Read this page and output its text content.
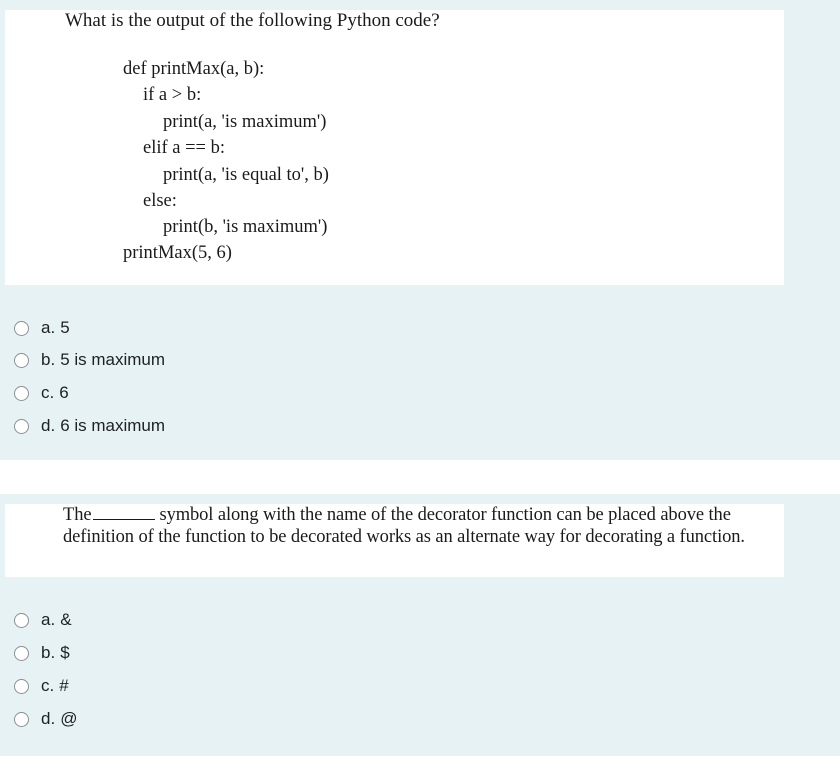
What is the output of the following Python code?
def printMax(a, b):
if a > b:
print(a, 'is maximum')
elif a == b:
print(a, 'is equal to', b)
else:
print(b, 'is maximum')
printMax(5, 6)
a. 5
b. 5 is maximum
c. 6
d. 6 is maximum
The	symbol along with the name of the decorator function can be placed above the definition of the function to be decorated works as an alternate way for decorating a function.
a. &
b. $
c. #
d. @
